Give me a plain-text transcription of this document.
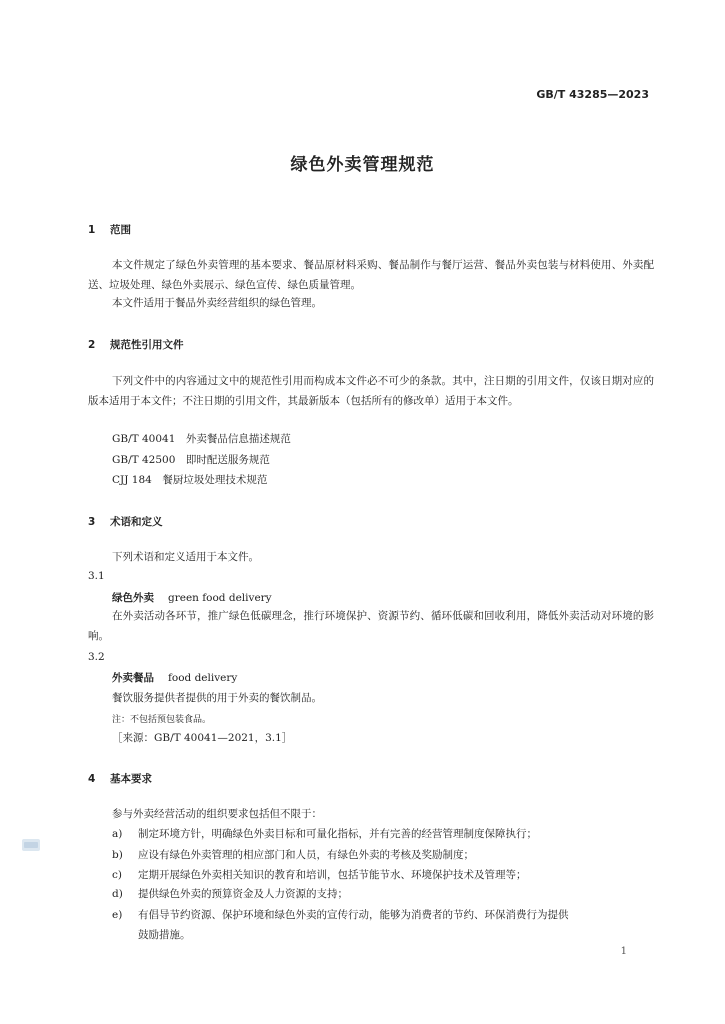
GB/T 43285—2023
绿色外卖管理规范
1 范围
本文件规定了绿色外卖管理的基本要求、餐品原材料采购、餐品制作与餐厅运营、餐品外卖包装与材料使用、外卖配送、垃圾处理、绿色外卖展示、绿色宣传、绿色质量管理。
本文件适用于餐品外卖经营组织的绿色管理。
2 规范性引用文件
下列文件中的内容通过文中的规范性引用而构成本文件必不可少的条款。其中，注日期的引用文件，仅该日期对应的版本适用于本文件；不注日期的引用文件，其最新版本（包括所有的修改单）适用于本文件。
GB/T 40041　外卖餐品信息描述规范
GB/T 42500　即时配送服务规范
CJJ 184　餐厨垃圾处理技术规范
3 术语和定义
下列术语和定义适用于本文件。
3.1
绿色外卖 green food delivery
在外卖活动各环节，推广绿色低碳理念，推行环境保护、资源节约、循环低碳和回收利用，降低外卖活动对环境的影响。
3.2
外卖餐品 food delivery
餐饮服务提供者提供的用于外卖的餐饮制品。
注：不包括预包装食品。
［来源：GB/T 40041—2021，3.1］
4 基本要求
参与外卖经营活动的组织要求包括但不限于：
a) 制定环境方针，明确绿色外卖目标和可量化指标，并有完善的经营管理制度保障执行；
b) 应设有绿色外卖管理的相应部门和人员，有绿色外卖的考核及奖励制度；
c) 定期开展绿色外卖相关知识的教育和培训，包括节能节水、环境保护技术及管理等；
d) 提供绿色外卖的预算资金及人力资源的支持；
e) 有倡导节约资源、保护环境和绿色外卖的宣传行动，能够为消费者的节约、环保消费行为提供
鼓励措施。
1
